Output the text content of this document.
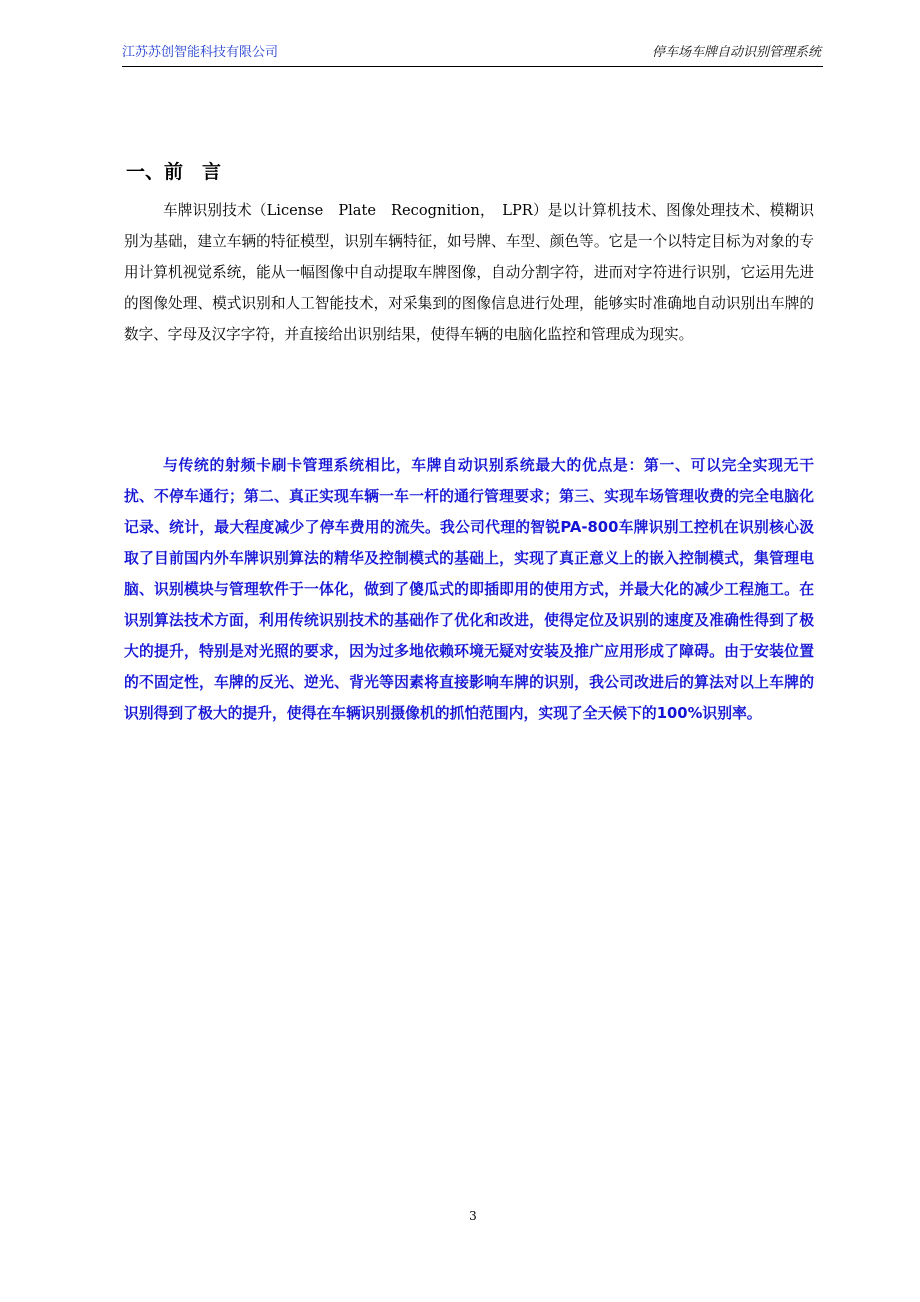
江苏苏创智能科技有限公司	停车场车牌自动识别管理系统
一、前　言

车牌识别技术（License　Plate　Recognition，　LPR）是以计算机技术、图像处理技术、模糊识别为基础，建立车辆的特征模型，识别车辆特征，如号牌、车型、颜色等。它是一个以特定目标为对象的专用计算机视觉系统，能从一幅图像中自动提取车牌图像，自动分割字符，进而对字符进行识别，它运用先进的图像处理、模式识别和人工智能技术，对采集到的图像信息进行处理，能够实时准确地自动识别出车牌的数字、字母及汉字字符，并直接给出识别结果，使得车辆的电脑化监控和管理成为现实。

与传统的射频卡刷卡管理系统相比，车牌自动识别系统最大的优点是：第一、可以完全实现无干扰、不停车通行；第二、真正实现车辆一车一杆的通行管理要求；第三、实现车场管理收费的完全电脑化记录、统计，最大程度减少了停车费用的流失。我公司代理的智锐PA-800车牌识别工控机在识别核心汲取了目前国内外车牌识别算法的精华及控制模式的基础上，实现了真正意义上的嵌入控制模式，集管理电脑、识别模块与管理软件于一体化，做到了傻瓜式的即插即用的使用方式，并最大化的减少工程施工。在识别算法技术方面，利用传统识别技术的基础作了优化和改进，使得定位及识别的速度及准确性得到了极大的提升，特别是对光照的要求，因为过多地依赖环境无疑对安装及推广应用形成了障碍。由于安装位置的不固定性，车牌的反光、逆光、背光等因素将直接影响车牌的识别，我公司改进后的算法对以上车牌的识别得到了极大的提升，使得在车辆识别摄像机的抓怕范围内，实现了全天候下的100%识别率。

3
